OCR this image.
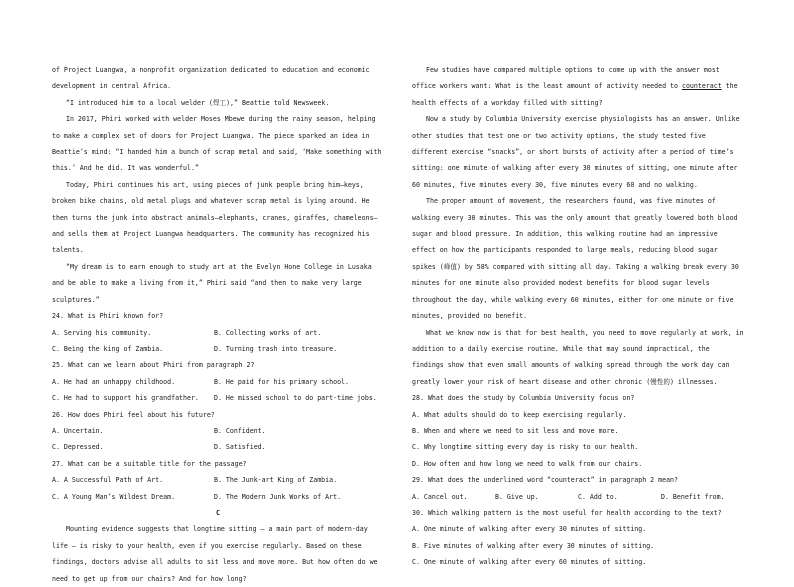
of Project Luangwa, a nonprofit organization dedicated to education and economic development in central Africa.
“I introduced him to a local welder (焊工),” Beattie told Newsweek.
In 2017, Phiri worked with welder Moses Mbewe during the rainy season, helping to make a complex set of doors for Project Luangwa. The piece sparked an idea in Beattie’s mind: “I handed him a bunch of scrap metal and said, ‘Make something with this.’ And he did. It was wonderful.”
Today, Phiri continues his art, using pieces of junk people bring him—keys, broken bike chains, old metal plugs and whatever scrap metal is lying around. He then turns the junk into abstract animals—elephants, cranes, giraffes, chameleons—and sells them at Project Luangwa headquarters. The community has recognized his talents.
“My dream is to earn enough to study art at the Evelyn Hone College in Lusaka and be able to make a living from it,” Phiri said “and then to make very large sculptures.”
24. What is Phiri known for?
A. Serving his community.	B. Collecting works of art.
C. Being the king of Zambia.	D. Turning trash into treasure.
25. What can we learn about Phiri from paragraph 2?
A. He had an unhappy childhood.	B. He paid for his primary school.
C. He had to support his grandfather.	D. He missed school to do part-time jobs.
26. How does Phiri feel about his future?
A. Uncertain.	B. Confident.
C. Depressed.	D. Satisfied.
27. What can be a suitable title for the passage?
A. A Successful Path of Art.	B. The Junk-art King of Zambia.
C. A Young Man’s Wildest Dream.	D. The Modern Junk Works of Art.
C
Mounting evidence suggests that longtime sitting — a main part of modern-day life — is risky to your health, even if you exercise regularly. Based on these findings, doctors advise all adults to sit less and move more. But how often do we need to get up from our chairs? And for how long?
Few studies have compared multiple options to come up with the answer most office workers want: What is the least amount of activity needed to counteract the health effects of a workday filled with sitting?
Now a study by Columbia University exercise physiologists has an answer. Unlike other studies that test one or two activity options, the study tested five different exercise “snacks”, or short bursts of activity after a period of time’s sitting: one minute of walking after every 30 minutes of sitting, one minute after 60 minutes, five minutes every 30, five minutes every 60 and no walking.
The proper amount of movement, the researchers found, was five minutes of walking every 30 minutes. This was the only amount that greatly lowered both blood sugar and blood pressure. In addition, this walking routine had an impressive effect on how the participants responded to large meals, reducing blood sugar spikes (峰值) by 58% compared with sitting all day. Taking a walking break every 30 minutes for one minute also provided modest benefits for blood sugar levels throughout the day, while walking every 60 minutes, either for one minute or five minutes, provided no benefit.
What we know now is that for best health, you need to move regularly at work, in addition to a daily exercise routine. While that may sound impractical, the findings show that even small amounts of walking spread through the work day can greatly lower your risk of heart disease and other chronic (慢性的) illnesses.
28. What does the study by Columbia University focus on?
A. What adults should do to keep exercising regularly.
B. When and where we need to sit less and move more.
C. Why longtime sitting every day is risky to our health.
D. How often and how long we need to walk from our chairs.
29. What does the underlined word “counteract” in paragraph 2 mean?
A. Cancel out.	B. Give up.	C. Add to.	D. Benefit from.
30. Which walking pattern is the most useful for health according to the text?
A. One minute of walking after every 30 minutes of sitting.
B. Five minutes of walking after every 30 minutes of sitting.
C. One minute of walking after every 60 minutes of sitting.
